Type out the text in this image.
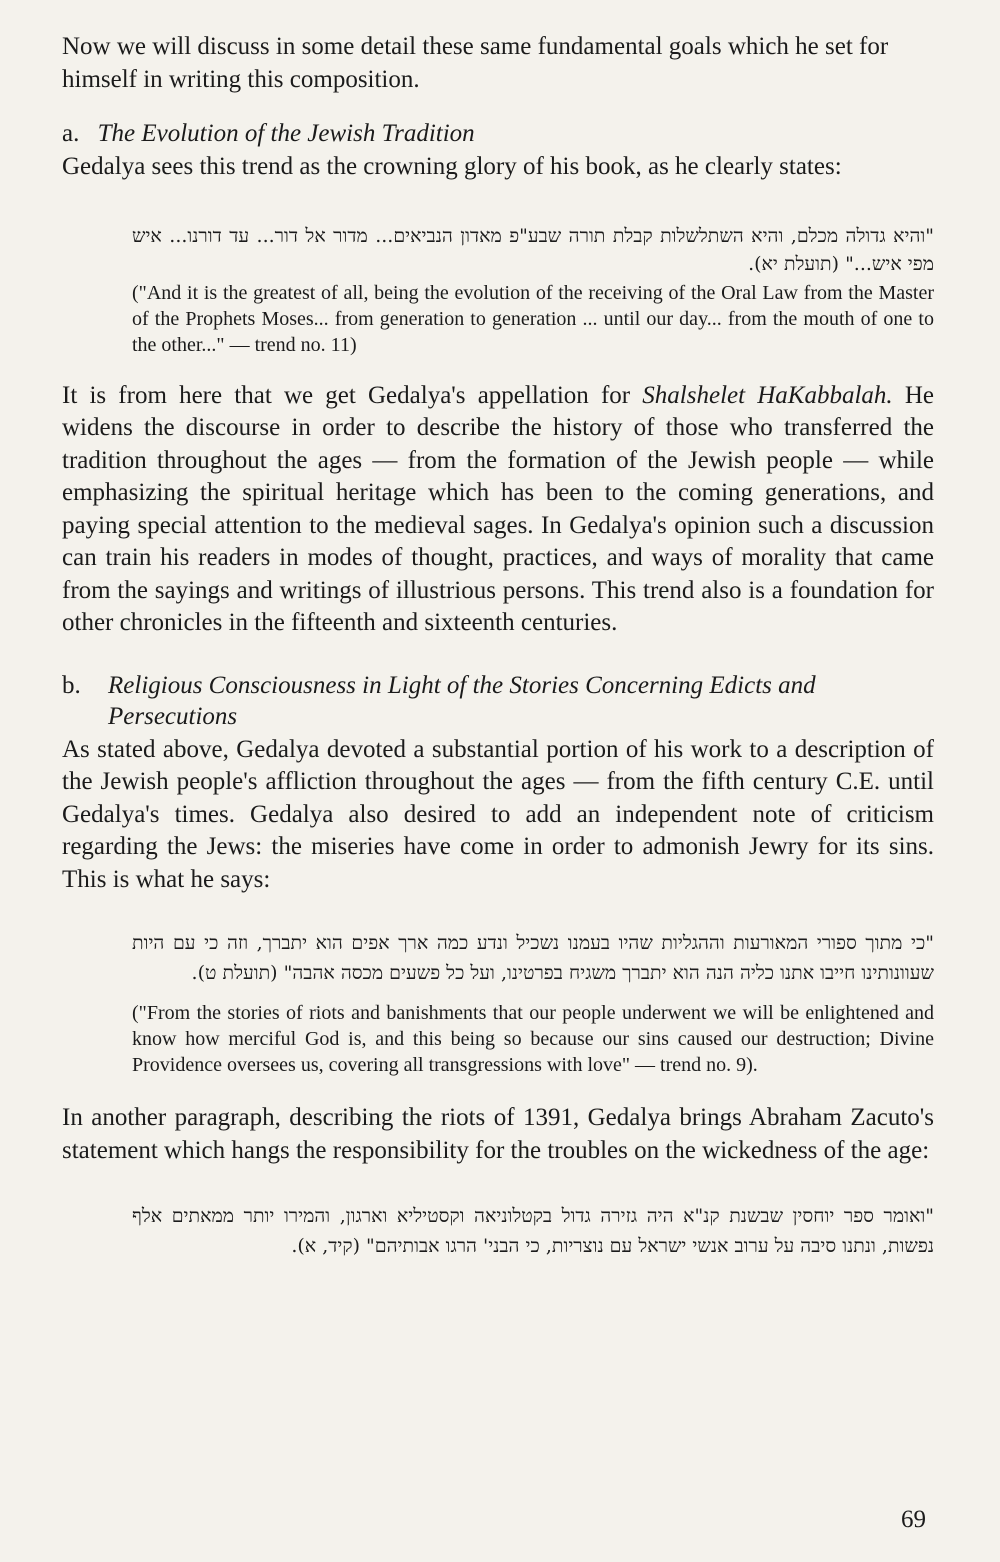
Now we will discuss in some detail these same fundamental goals which he set for himself in writing this composition.

a. The Evolution of the Jewish Tradition

Gedalya sees this trend as the crowning glory of his book, as he clearly states:

"והיא גדולה מכלם, והיא השתלשלות קבלת תורה שבע"פ מאדון הנביאים... מדור אל דור... עד דורנו... איש מפי איש..." (תועלת יא).

("And it is the greatest of all, being the evolution of the receiving of the Oral Law from the Master of the Prophets Moses... from generation to generation ... until our day... from the mouth of one to the other..." — trend no. 11)

It is from here that we get Gedalya's appellation for Shalshelet HaKabbalah. He widens the discourse in order to describe the history of those who transferred the tradition throughout the ages — from the formation of the Jewish people — while emphasizing the spiritual heritage which has been to the coming generations, and paying special attention to the medieval sages. In Gedalya's opinion such a discussion can train his readers in modes of thought, practices, and ways of morality that came from the sayings and writings of illustrious persons. This trend also is a foundation for other chronicles in the fifteenth and sixteenth centuries.

b.	Religious Consciousness in Light of the Stories Concerning Edicts and Persecutions

As stated above, Gedalya devoted a substantial portion of his work to a description of the Jewish people's affliction throughout the ages — from the fifth century C.E. until Gedalya's times. Gedalya also desired to add an independent note of criticism regarding the Jews: the miseries have come in order to admonish Jewry for its sins. This is what he says:

"כי מתוך ספורי המאורעות וההגליות שהיו בעמנו נשכיל ונדע כמה ארך אפים הוא יתברך, וזה כי עם היות שעוונותינו חייבו אתנו כליה הנה הוא יתברך משגיח בפרטינו, ועל כל פשעים מכסה אהבה" (תועלת ט).

("From the stories of riots and banishments that our people underwent we will be enlightened and know how merciful God is, and this being so because our sins caused our destruction; Divine Providence oversees us, covering all transgressions with love" — trend no. 9).

In another paragraph, describing the riots of 1391, Gedalya brings Abraham Zacuto's statement which hangs the responsibility for the troubles on the wickedness of the age:

"ואומר ספר יוחסין שבשנת קנ"א היה גזירה גדול בקטלוניאה וקסטיליא וארגון, והמירו יותר ממאתים אלף נפשות, ונתנו סיבה על ערוב אנשי ישראל עם נוצריות, כי הבני' הרגו אבותיהם" (קיד, א).

69
